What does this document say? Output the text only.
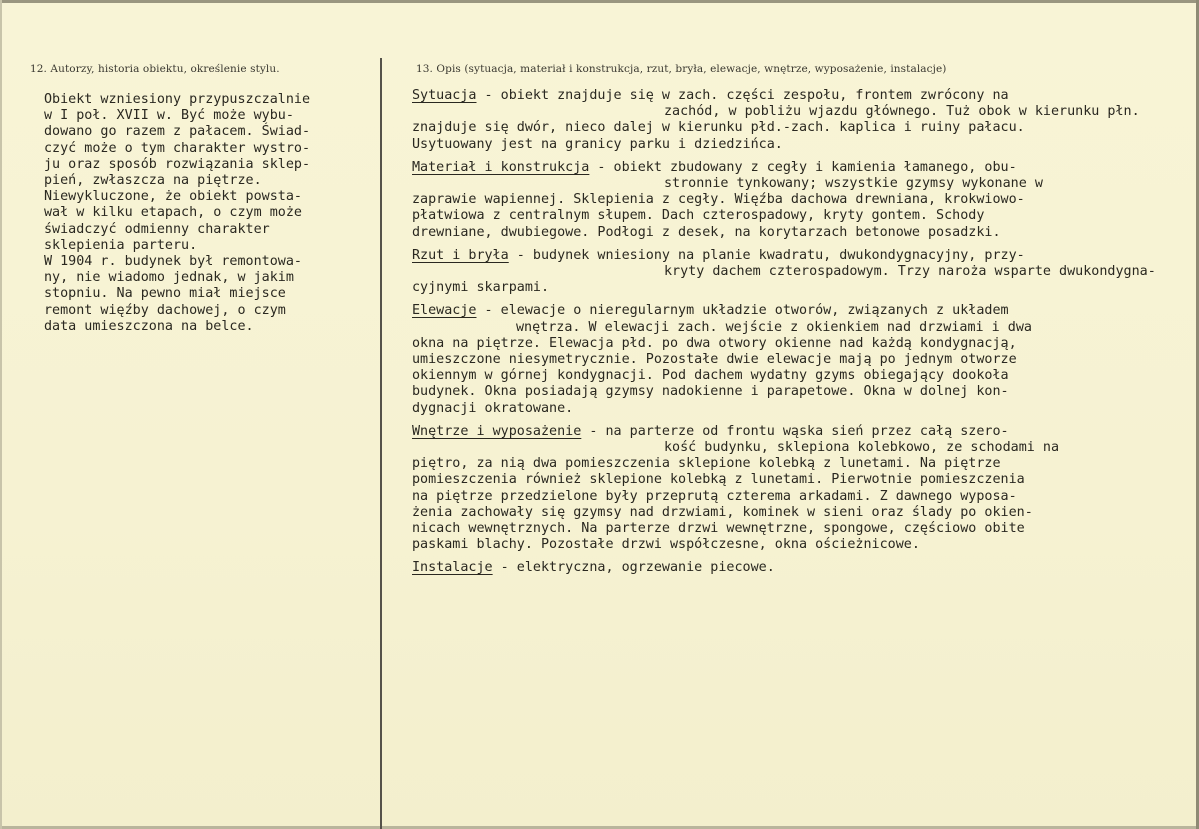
12. Autorzy, historia obiektu, określenie stylu.	13. Opis (sytuacja, materiał i konstrukcja, rzut, bryła, elewacje, wnętrze, wyposażenie, instalacje)
Obiekt wzniesiony przypuszczalnie
w I poł. XVII w. Być może wybu-
dowano go razem z pałacem. Świad-
czyć może o tym charakter wystro-
ju oraz sposób rozwiązania sklep-
pień, zwłaszcza na piętrze.
Niewykluczone, że obiekt powsta-
wał w kilku etapach, o czym może
świadczyć odmienny charakter
sklepienia parteru.
W 1904 r. budynek był remontowa-
ny, nie wiadomo jednak, w jakim
stopniu. Na pewno miał miejsce
remont więźby dachowej, o czym
data umieszczona na belce.
Sytuacja - obiekt znajduje się w zach. części zespołu, frontem zwrócony na
zachód, w pobliżu wjazdu głównego. Tuż obok w kierunku płn.
znajduje się dwór, nieco dalej w kierunku płd.-zach. kaplica i ruiny pałacu.
Usytuowany jest na granicy parku i dziedzińca.
Materiał i konstrukcja - obiekt zbudowany z cegły i kamienia łamanego, obu-
stronnie tynkowany; wszystkie gzymsy wykonane w
zaprawie wapiennej. Sklepienia z cegły. Więźba dachowa drewniana, krokwiowo-
płatwiowa z centralnym słupem. Dach czterospadowy, kryty gontem. Schody
drewniane, dwubiegowe. Podłogi z desek, na korytarzach betonowe posadzki.
Rzut i bryła - budynek wniesiony na planie kwadratu, dwukondygnacyjny, przy-
kryty dachem czterospadowym. Trzy naroża wsparte dwukondygna-
cyjnymi skarpami.
Elewacje - elewacje o nieregularnym układzie otworów, związanych z układem
wnętrza. W elewacji zach. wejście z okienkiem nad drzwiami i dwa
okna na piętrze. Elewacja płd. po dwa otwory okienne nad każdą kondygnacją,
umieszczone niesymetrycznie. Pozostałe dwie elewacje mają po jednym otworze
okiennym w górnej kondygnacji. Pod dachem wydatny gzyms obiegający dookoła
budynek. Okna posiadają gzymsy nadokienne i parapetowe. Okna w dolnej kon-
dygnacji okratowane.
Wnętrze i wyposażenie - na parterze od frontu wąska sień przez całą szero-
kość budynku, sklepiona kolebkowo, ze schodami na
piętro, za nią dwa pomieszczenia sklepione kolebką z lunetami. Na piętrze
pomieszczenia również sklepione kolebką z lunetami. Pierwotnie pomieszczenia
na piętrze przedzielone były przeprutą czterema arkadami. Z dawnego wyposa-
żenia zachowały się gzymsy nad drzwiami, kominek w sieni oraz ślady po okien-
nicach wewnętrznych. Na parterze drzwi wewnętrzne, spongowe, częściowo obite
paskami blachy. Pozostałe drzwi współczesne, okna ościeżnicowe.
Instalacje - elektryczna, ogrzewanie piecowe.
